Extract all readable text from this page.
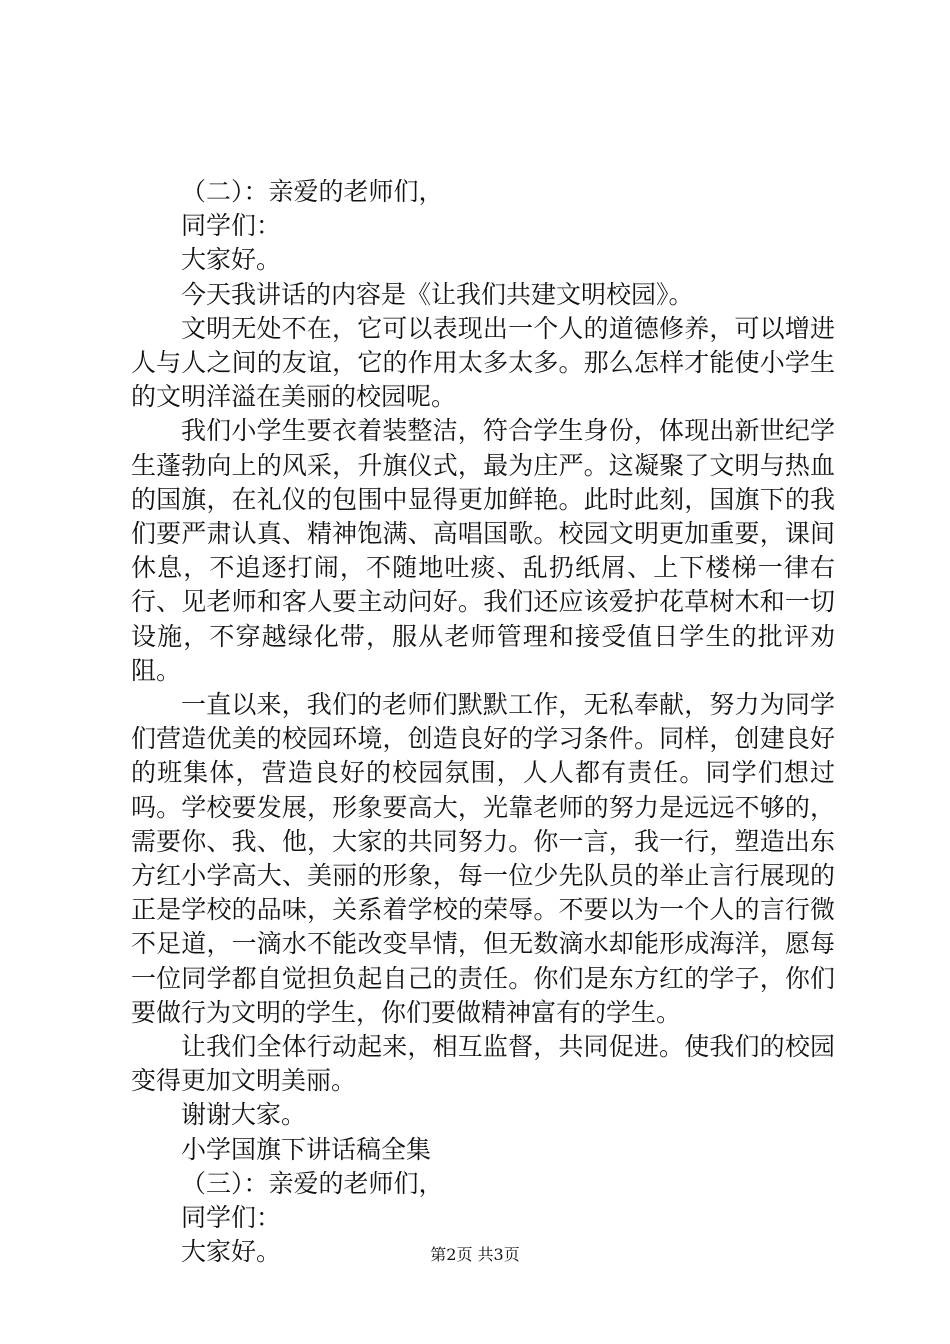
（二）：亲爱的老师们，

同学们：

大家好。

今天我讲话的内容是《让我们共建文明校园》。

文明无处不在，它可以表现出一个人的道德修养，可以增进人与人之间的友谊，它的作用太多太多。那么怎样才能使小学生的文明洋溢在美丽的校园呢。

我们小学生要衣着装整洁，符合学生身份，体现出新世纪学生蓬勃向上的风采，升旗仪式，最为庄严。这凝聚了文明与热血的国旗，在礼仪的包围中显得更加鲜艳。此时此刻，国旗下的我们要严肃认真、精神饱满、高唱国歌。校园文明更加重要，课间休息，不追逐打闹，不随地吐痰、乱扔纸屑、上下楼梯一律右行、见老师和客人要主动问好。我们还应该爱护花草树木和一切设施，不穿越绿化带，服从老师管理和接受值日学生的批评劝阻。

一直以来，我们的老师们默默工作，无私奉献，努力为同学们营造优美的校园环境，创造良好的学习条件。同样，创建良好的班集体，营造良好的校园氛围，人人都有责任。同学们想过吗。学校要发展，形象要高大，光靠老师的努力是远远不够的，需要你、我、他，大家的共同努力。你一言，我一行，塑造出东方红小学高大、美丽的形象，每一位少先队员的举止言行展现的正是学校的品味，关系着学校的荣辱。不要以为一个人的言行微不足道，一滴水不能改变旱情，但无数滴水却能形成海洋，愿每一位同学都自觉担负起自己的责任。你们是东方红的学子，你们要做行为文明的学生，你们要做精神富有的学生。

让我们全体行动起来，相互监督，共同促进。使我们的校园变得更加文明美丽。

谢谢大家。

小学国旗下讲话稿全集

（三）：亲爱的老师们，

同学们：

大家好。	第2页 共3页
